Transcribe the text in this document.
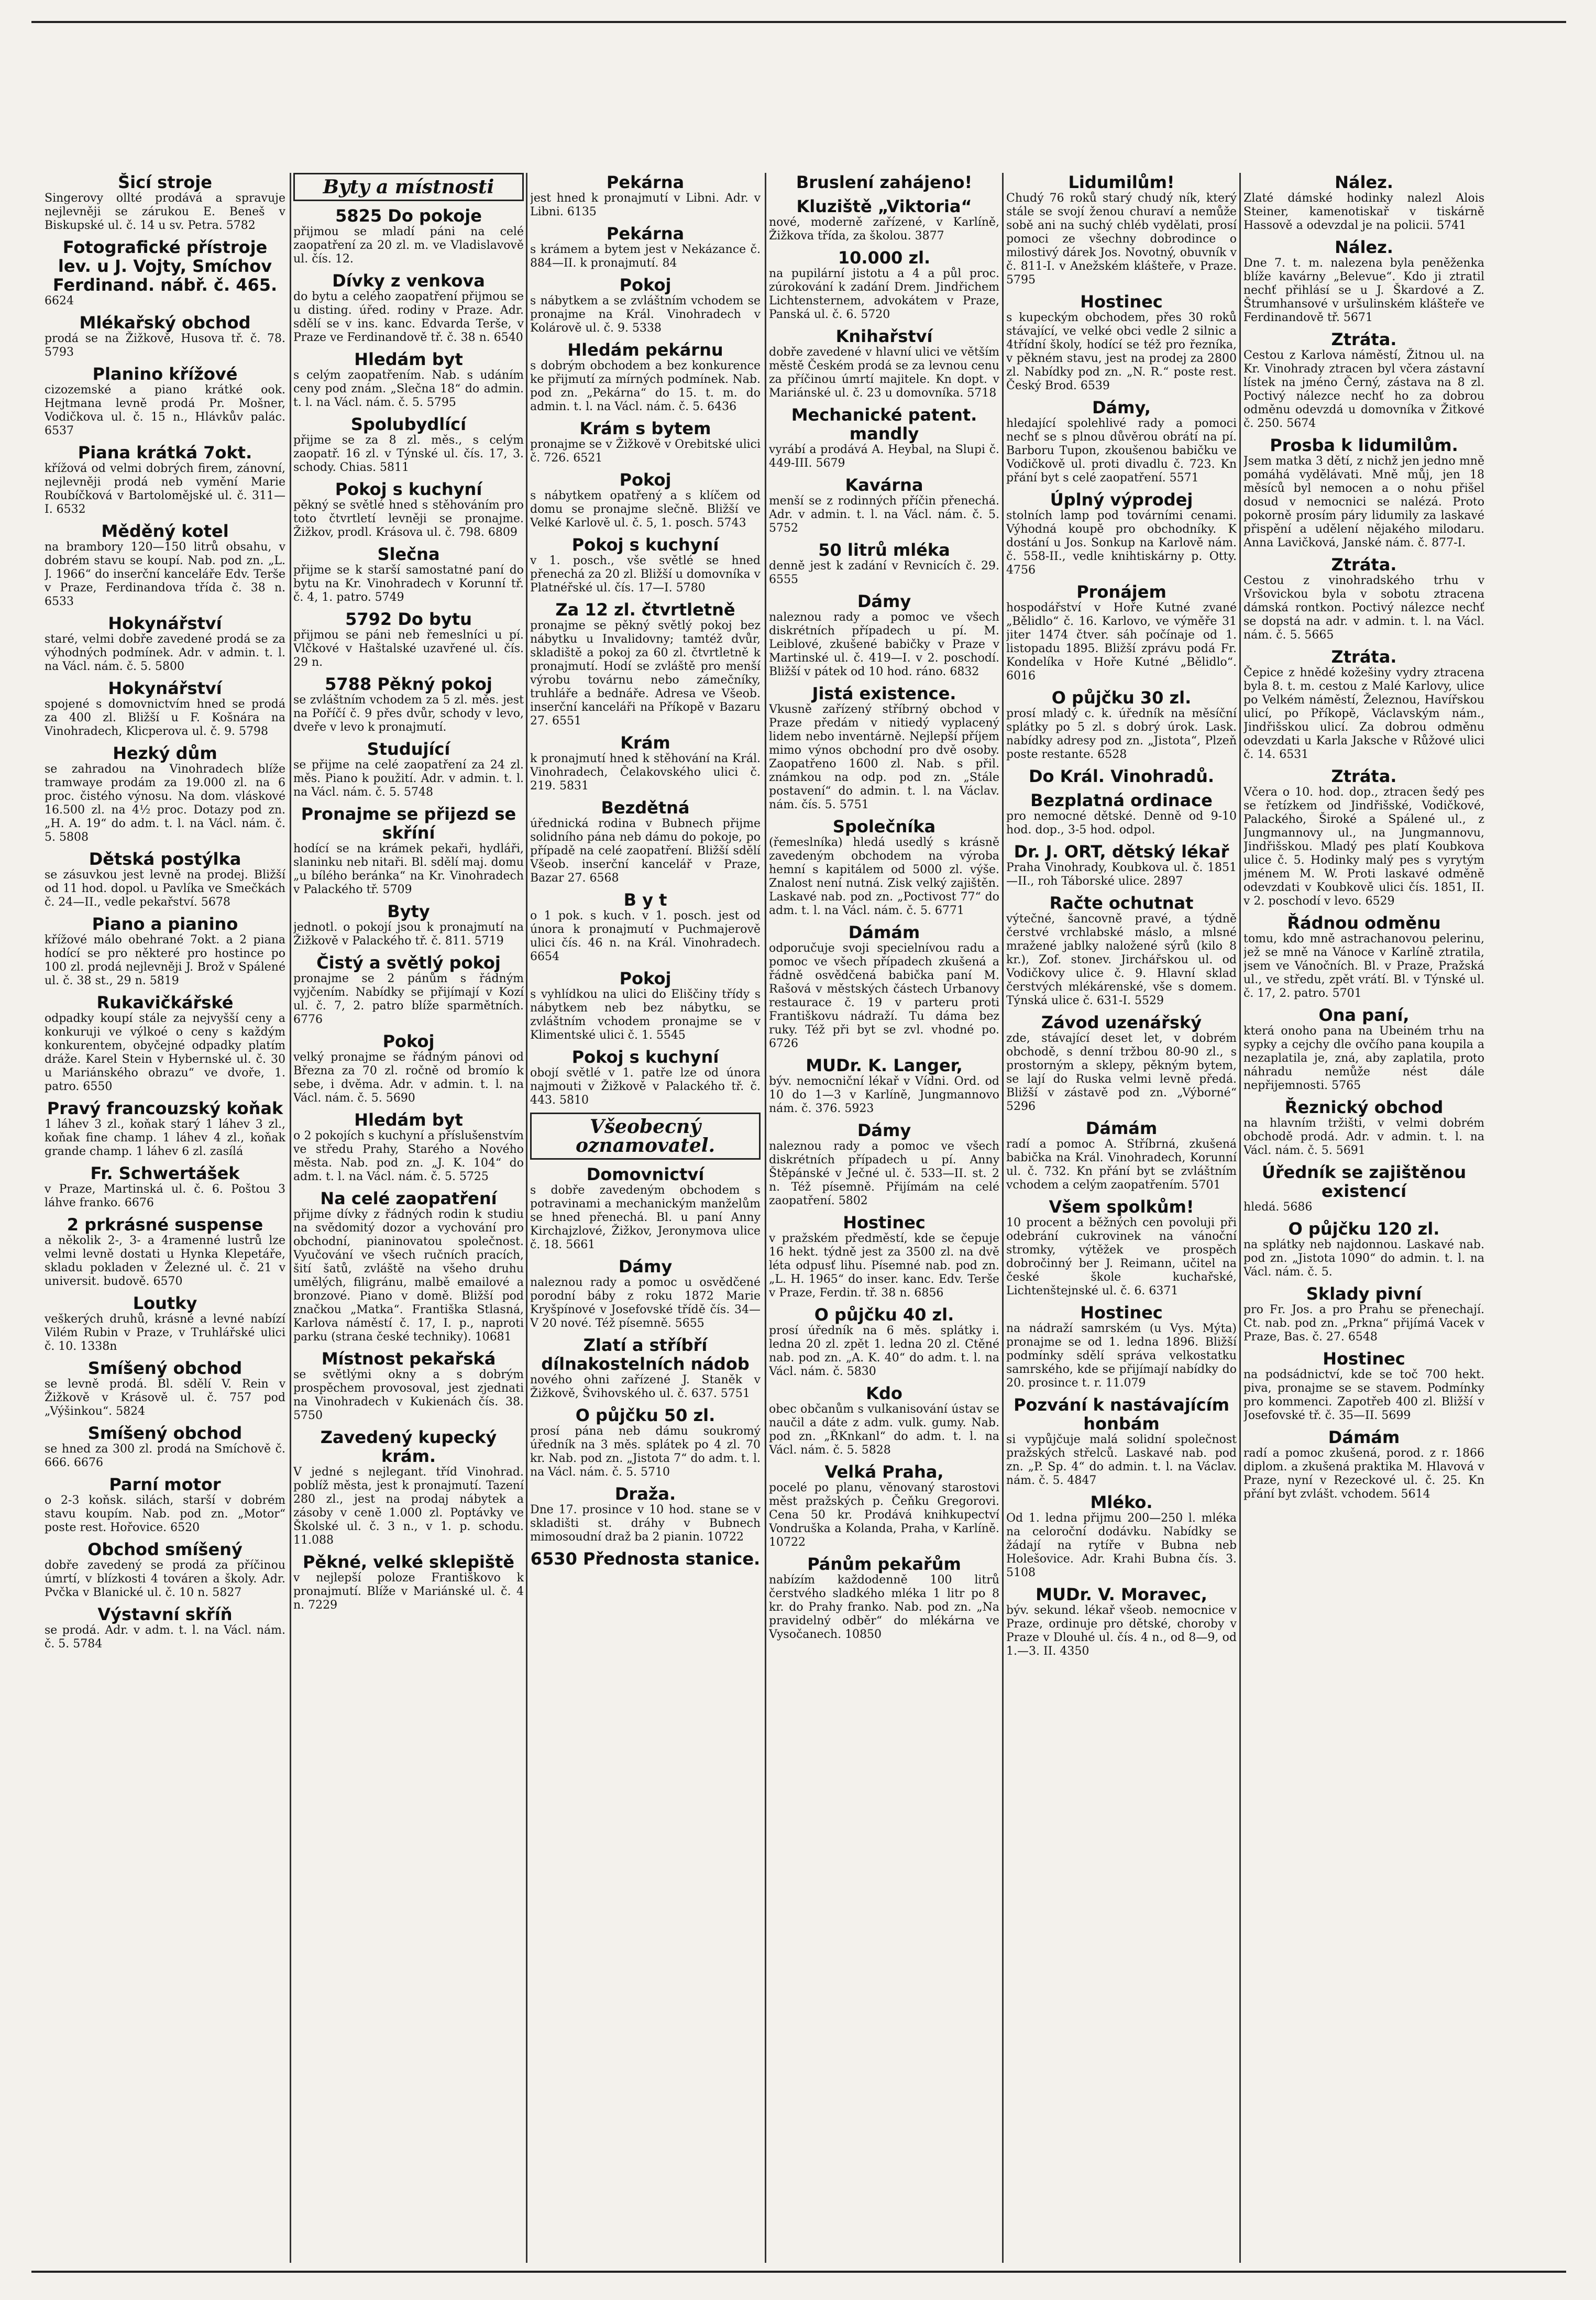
Šicí stroje
Singerovy ollté prodává a spravuje nejlevněji se zárukou E. Beneš v Biskupské ul. č. 14 u sv. Petra. 5782
Fotografické přístroje lev. u J. Vojty, Smíchov Ferdinand. nábř. č. 465.
6624
Mlékařský obchod
prodá se na Žižkově, Husova tř. č. 78. 5793
Planino křížové
cizozemské a piano krátké ook. Hejtmana levně prodá Pr. Mošner, Vodičkova ul. č. 15 n., Hlávkův palác. 6537
Piana krátká 7okt.
křížová od velmi dobrých firem, zánovní, nejlevněji prodá neb vymění Marie Roubíčková v Bartolomějské ul. č. 311—I. 6532
Měděný kotel
na brambory 120—150 litrů obsahu, v dobrém stavu se koupí. Nab. pod zn. „L. J. 1966“ do inserční kanceláře Edv. Terše v Praze, Ferdinandova třída č. 38 n. 6533
Hokynářství
staré, velmi dobře zavedené prodá se za výhodných podmínek. Adr. v admin. t. l. na Václ. nám. č. 5. 5800
Hokynářství
spojené s domovnictvím hned se prodá za 400 zl. Bližší u F. Košnára na Vinohradech, Klicperova ul. č. 9. 5798
Hezký dům
se zahradou na Vinohradech blíže tramwaye prodám za 19.000 zl. na 6 proc. čistého výnosu. Na dom. vláskové 16.500 zl. na 4½ proc. Dotazy pod zn. „H. A. 19“ do adm. t. l. na Václ. nám. č. 5. 5808
Dětská postýlka
se zásuvkou jest levně na prodej. Bližší od 11 hod. dopol. u Pavlíka ve Smečkách č. 24—II., vedle pekařství. 5678
Piano a pianino
křížové málo obehrané 7okt. a 2 piana hodící se pro některé pro hostince po 100 zl. prodá nejlevněji J. Brož v Spálené ul. č. 38 st., 29 n. 5819
Rukavičkářské
odpadky koupí stále za nejvyšší ceny a konkuruji ve výlkoé o ceny s každým konkurentem, obyčejné odpadky platím dráže. Karel Stein v Hybernské ul. č. 30 u Mariánského obrazu“ ve dvoře, 1. patro. 6550
Pravý francouzský koňak
1 láhev 3 zl., koňak starý 1 láhev 3 zl., koňak fine champ. 1 láhev 4 zl., koňak grande champ. 1 láhev 6 zl. zasílá
Fr. Schwertášek
v Praze, Martinská ul. č. 6. Poštou 3 láhve franko. 6676
2 prkrásné suspense
a několik 2-, 3- a 4ramenné lustrů lze velmi levně dostati u Hynka Klepetáře, skladu pokladen v Železné ul. č. 21 v universit. budově. 6570
Loutky
veškerých druhů, krásné a levné nabízí Vilém Rubin v Praze, v Truhlářské ulici č. 10. 1338n
Smíšený obchod
se levně prodá. Bl. sdělí V. Rein v Žižkově v Krásově ul. č. 757 pod „Výšinkou“. 5824
Smíšený obchod
se hned za 300 zl. prodá na Smíchově č. 666. 6676
Parní motor
o 2-3 koňsk. silách, starší v dobrém stavu koupím. Nab. pod zn. „Motor“ poste rest. Hořovice. 6520
Obchod smíšený
dobře zavedený se prodá za příčinou úmrtí, v blízkosti 4 továren a školy. Adr. Pvčka v Blanické ul. č. 10 n. 5827
Výstavní skříň
se prodá. Adr. v adm. t. l. na Václ. nám. č. 5. 5784
Byty a místnosti
5825 Do pokoje
přijmou se mladí páni na celé zaopatření za 20 zl. m. ve Vladislavově ul. čís. 12.
Dívky z venkova
do bytu a celého zaopatření přijmou se u disting. úřed. rodiny v Praze. Adr. sdělí se v ins. kanc. Edvarda Terše, v Praze ve Ferdinandově tř. č. 38 n. 6540
Hledám byt
s celým zaopatřením. Nab. s udáním ceny pod znám. „Slečna 18“ do admin. t. l. na Václ. nám. č. 5. 5795
Spolubydlící
přijme se za 8 zl. měs., s celým zaopatř. 16 zl. v Týnské ul. čís. 17, 3. schody. Chias. 5811
Pokoj s kuchyní
pěkný se světlé hned s stěhováním pro toto čtvrtletí levněji se pronajme. Žižkov, prodl. Krásova ul. č. 798. 6809
Slečna
přijme se k starší samostatné paní do bytu na Kr. Vinohradech v Korunní tř. č. 4, 1. patro. 5749
5792 Do bytu
přijmou se páni neb řemeslníci u pí. Vlčkové v Haštalské uzavřené ul. čís. 29 n.
5788 Pěkný pokoj
se zvláštním vchodem za 5 zl. měs. jest na Poříčí č. 9 přes dvůr, schody v levo, dveře v levo k pronajmutí.
Studující
se přijme na celé zaopatření za 24 zl. měs. Piano k použití. Adr. v admin. t. l. na Václ. nám. č. 5. 5748
Pronajme se přijezd se skříní
hodící se na krámek pekaři, hydláři, slaninku neb nitaři. Bl. sdělí maj. domu „u bílého beránka“ na Kr. Vinohradech v Palackého tř. 5709
Byty
jednotl. o pokojí jsou k pronajmutí na Žižkově v Palackého tř. č. 811. 5719
Čistý a světlý pokoj
pronajme se 2 pánům s řádným vyjčením. Nabídky se přijímají v Kozí ul. č. 7, 2. patro blíže sparmětních. 6776
Pokoj
velký pronajme se řádným pánovi od Března za 70 zl. ročně od bromío k sebe, i dvěma. Adr. v admin. t. l. na Václ. nám. č. 5. 5690
Hledám byt
o 2 pokojích s kuchyní a příslušenstvím ve středu Prahy, Starého a Nového města. Nab. pod zn. „J. K. 104“ do adm. t. l. na Václ. nám. č. 5. 5725
Na celé zaopatření
přijme dívky z řádných rodin k studiu na svědomitý dozor a vychování pro obchodní, pianinovatou společnost. Vyučování ve všech ručních pracích, šití šatů, zvláště na všeho druhu umělých, filigránu, malbě emailové a bronzové. Piano v domě. Bližší pod značkou „Matka“. Františka Stlasná, Karlova náměstí č. 17, I. p., naproti parku (strana české techniky). 10681
Místnost pekařská
se světlými okny a s dobrým prospěchem provosoval, jest zjednati na Vinohradech v Kukienách čís. 38. 5750
Zavedený kupecký krám.
V jedné s nejlegant. tříd Vinohrad. poblíž města, jest k pronajmutí. Tazení 280 zl., jest na prodaj nábytek a zásoby v ceně 1.000 zl. Poptávky ve Školské ul. č. 3 n., v 1. p. schodu. 11.088
Pěkné, velké sklepiště
v nejlepší poloze Františkovo k pronajmutí. Blíže v Mariánské ul. č. 4 n. 7229
Pekárna
jest hned k pronajmutí v Libni. Adr. v Libni. 6135
Pekárna
s krámem a bytem jest v Nekázance č. 884—II. k pronajmutí. 84
Pokoj
s nábytkem a se zvláštním vchodem se pronajme na Král. Vinohradech v Kolárově ul. č. 9. 5338
Hledám pekárnu
s dobrým obchodem a bez konkurence ke přijmutí za mírných podmínek. Nab. pod zn. „Pekárna“ do 15. t. m. do admin. t. l. na Václ. nám. č. 5. 6436
Krám s bytem
pronajme se v Žižkově v Orebitské ulici č. 726. 6521
Pokoj
s nábytkem opatřený a s klíčem od domu se pronajme slečně. Bližší ve Velké Karlově ul. č. 5, 1. posch. 5743
Pokoj s kuchyní
v 1. posch., vše světlé se hned přenechá za 20 zl. Bližší u domovníka v Platnéřské ul. čís. 17—I. 5780
Za 12 zl. čtvrtletně
pronajme se pěkný světlý pokoj bez nábytku u Invalidovny; tamtéž dvůr, skladiště a pokoj za 60 zl. čtvrtletně k pronajmutí. Hodí se zvláště pro menší výrobu továrnu nebo zámečníky, truhláře a bednáře. Adresa ve Všeob. inserční kanceláři na Příkopě v Bazaru 27. 6551
Krám
k pronajmutí hned k stěhování na Král. Vinohradech, Čelakovského ulici č. 219. 5831
Bezdětná
úřednická rodina v Bubnech přijme solidního pána neb dámu do pokoje, po případě na celé zaopatření. Bližší sdělí Všeob. inserční kancelář v Praze, Bazar 27. 6568
B y t
o 1 pok. s kuch. v 1. posch. jest od února k pronajmutí v Puchmajerově ulici čís. 46 n. na Král. Vinohradech. 6654
Pokoj
s vyhlídkou na ulici do Eliščiny třídy s nábytkem neb bez nábytku, se zvláštním vchodem pronajme se v Klimentské ulici č. 1. 5545
Pokoj s kuchyní
obojí světlé v 1. patře lze od února najmouti v Žižkově v Palackého tř. č. 443. 5810
Všeobecný oznamovatel.
Domovnictví
s dobře zavedeným obchodem s potravinami a mechanickým manželům se hned přenechá. Bl. u paní Anny Kirchajzlové, Žižkov, Jeronymova ulice č. 18. 5661
Dámy
naleznou rady a pomoc u osvědčené porodní báby z roku 1872 Marie Kryšpínové v Josefovské třídě čís. 34—V 20 nové. Též písemně. 5655
Zlatí a stříbří dílnakostelních nádob
nového ohni zařízené J. Staněk v Žižkově, Švihovského ul. č. 637. 5751
O půjčku 50 zl.
prosí pána neb dámu soukromý úředník na 3 měs. splátek po 4 zl. 70 kr. Nab. pod zn. „Jistota 7“ do adm. t. l. na Václ. nám. č. 5. 5710
Draža.
Dne 17. prosince v 10 hod. stane se v skladišti st. dráhy v Bubnech mimosoudní draž ba 2 pianin. 10722
6530 Přednosta stanice.
Bruslení zahájeno!
Kluziště „Viktoria“
nové, moderně zařízené, v Karlíně, Žižkova třída, za školou. 3877
10.000 zl.
na pupilární jistotu a 4 a půl proc. zúrokování k zadání Drem. Jindřichem Lichtensternem, advokátem v Praze, Panská ul. č. 6. 5720
Knihařství
dobře zavedené v hlavní ulici ve větším městě Českém prodá se za levnou cenu za příčinou úmrtí majitele. Kn dopt. v Mariánské ul. č. 23 u domovníka. 5718
Mechanické patent. mandly
vyrábí a prodává A. Heybal, na Slupi č. 449-III. 5679
Kavárna
menší se z rodinných příčin přenechá. Adr. v admin. t. l. na Václ. nám. č. 5. 5752
50 litrů mléka
denně jest k zadání v Revnicích č. 29. 6555
Dámy
naleznou rady a pomoc ve všech diskrétních případech u pí. M. Leiblové, zkušené babičky v Praze v Martinské ul. č. 419—I. v 2. poschodí. Bližší v pátek od 10 hod. ráno. 6832
Jistá existence.
Vkusně zařízený stříbrný obchod v Praze předám v nitiedý vyplacený lidem nebo inventárně. Nejlepší příjem mimo výnos obchodní pro dvě osoby. Zaopatřeno 1600 zl. Nab. s přil. známkou na odp. pod zn. „Stále postavení“ do admin. t. l. na Václav. nám. čís. 5. 5751
Společníka
(řemeslníka) hledá usedlý s krásně zavedeným obchodem na výroba hemní s kapitálem od 5000 zl. výše. Znalost není nutná. Zisk velký zajištěn. Laskavé nab. pod zn. „Poctivost 77“ do adm. t. l. na Václ. nám. č. 5. 6771
Dámám
odporučuje svoji specielnívou radu a pomoc ve všech případech zkušená a řádně osvědčená babička paní M. Rašová v městských částech Urbanovy restaurace č. 19 v parteru proti Františkovu nádraží. Tu dáma bez ruky. Též při byt se zvl. vhodné po. 6726
MUDr. K. Langer,
býv. nemocniční lékař v Vídni. Ord. od 10 do 1—3 v Karlíně, Jungmannovo nám. č. 376. 5923
Dámy
naleznou rady a pomoc ve všech diskrétních případech u pí. Anny Štěpánské v Ječné ul. č. 533—II. st. 2 n. Též písemně. Přijímám na celé zaopatření. 5802
Hostinec
v pražském předměstí, kde se čepuje 16 hekt. týdně jest za 3500 zl. na dvě léta odpusť lihu. Písemné nab. pod zn. „L. H. 1965“ do inser. kanc. Edv. Terše v Praze, Ferdin. tř. 38 n. 6856
O půjčku 40 zl.
prosí úředník na 6 měs. splátky i. ledna 20 zl. zpět 1. ledna 20 zl. Ctěné nab. pod zn. „A. K. 40“ do adm. t. l. na Václ. nám. č. 5830
Kdo
obec občanům s vulkanisování ústav se naučil a dáte z adm. vulk. gumy. Nab. pod zn. „ŘKnkanl“ do adm. t. l. na Václ. nám. č. 5. 5828
Velká Praha,
pocelé po planu, věnovaný starostovi měst pražských p. Čeňku Gregorovi. Cena 50 kr. Prodává knihkupectví Vondruška a Kolanda, Praha, v Karlíně. 10722
Pánům pekařům
nabízím každodenně 100 litrů čerstvého sladkého mléka 1 litr po 8 kr. do Prahy franko. Nab. pod zn. „Na pravidelný odběr“ do mlékárna ve Vysočanech. 10850
Lidumilům!
Chudý 76 roků starý chudý ník, který stále se svojí ženou churaví a nemůže sobě ani na suchý chléb vydělati, prosí pomoci ze všechny dobrodince o milostivý dárek Jos. Novotný, obuvník v č. 811-I. v Anežském klášteře, v Praze. 5795
Hostinec
s kupeckým obchodem, přes 30 roků stávající, ve velké obci vedle 2 silnic a 4třídní školy, hodící se též pro řezníka, v pěkném stavu, jest na prodej za 2800 zl. Nabídky pod zn. „N. R.“ poste rest. Český Brod. 6539
Dámy,
hledající spolehlivé rady a pomoci nechť se s plnou důvěrou obrátí na pí. Barboru Tupon, zkoušenou babičku ve Vodičkově ul. proti divadlu č. 723. Kn přání byt s celé zaopatření. 5571
Úplný výprodej
stolních lamp pod továrními cenami. Výhodná koupě pro obchodníky. K dostání u Jos. Sonkup na Karlově nám. č. 558-II., vedle knihtiskárny p. Otty. 4756
Pronájem
hospodářství v Hoře Kutné zvané „Bělidlo“ č. 16. Karlovo, ve výměře 31 jiter 1474 čtver. sáh počínaje od 1. listopadu 1895. Bližší zprávu podá Fr. Kondelíka v Hoře Kutné „Bělidlo“. 6016
O půjčku 30 zl.
prosí mladý c. k. úředník na měsíční splátky po 5 zl. s dobrý úrok. Lask. nabídky adresy pod zn. „Jistota“, Plzeň poste restante. 6528
Do Král. Vinohradů.
Bezplatná ordinace
pro nemocné dětské. Denně od 9-10 hod. dop., 3-5 hod. odpol.
Dr. J. ORT, dětský lékař
Praha Vinohrady, Koubkova ul. č. 1851—II., roh Táborské ulice. 2897
Račte ochutnat
výtečné, šancovně pravé, a týdně čerstvé vrchlabské máslo, a mlsné mražené jablky naložené sýrů (kilo 8 kr.), Zof. stonev. Jirchářskou ul. od Vodičkovy ulice č. 9. Hlavní sklad čerstvých mlékárenské, vše s domem. Týnská ulice č. 631-I. 5529
Závod uzenářský
zde, stávající deset let, v dobrém obchodě, s denní tržbou 80-90 zl., s prostorným a sklepy, pěkným bytem, se lají do Ruska velmi levně předá. Bližší v zástavě pod zn. „Výborné“ 5296
Dámám
radí a pomoc A. Stříbrná, zkušená babička na Král. Vinohradech, Korunní ul. č. 732. Kn přání byt se zvláštním vchodem a celým zaopatřením. 5701
Všem spolkům!
10 procent a běžných cen povoluji při odebrání cukrovinek na vánoční stromky, výtěžek ve prospěch dobročinný ber J. Reimann, učitel na české škole kuchařské, Lichtenštejnské ul. č. 6. 6371
Hostinec
na nádraží samrském (u Vys. Mýta) pronajme se od 1. ledna 1896. Bližší podmínky sdělí správa velkostatku samrského, kde se přijímají nabídky do 20. prosince t. r. 11.079
Pozvání k nastávajícím honbám
si vypůjčuje malá solidní společnost pražských střelců. Laskavé nab. pod zn. „P. Sp. 4“ do admin. t. l. na Václav. nám. č. 5. 4847
Mléko.
Od 1. ledna přijmu 200—250 l. mléka na celoroční dodávku. Nabídky se žádají na rytíře v Bubna neb Holešovice. Adr. Krahi Bubna čís. 3. 5108
MUDr. V. Moravec,
býv. sekund. lékař všeob. nemocnice v Praze, ordinuje pro dětské, choroby v Praze v Dlouhé ul. čís. 4 n., od 8—9, od 1.—3. II. 4350
Nález.
Zlaté dámské hodinky nalezl Alois Steiner, kamenotiskař v tiskárně Hassově a odevzdal je na policii. 5741
Nález.
Dne 7. t. m. nalezena byla peněženka blíže kavárny „Belevue“. Kdo ji ztratil nechť přihlásí se u J. Škardové a Z. Štrumhansové v uršulinském klášteře ve Ferdinandově tř. 5671
Ztráta.
Cestou z Karlova náměstí, Žitnou ul. na Kr. Vinohrady ztracen byl včera zástavní lístek na jméno Černý, zástava na 8 zl. Poctivý nálezce nechť ho za dobrou odměnu odevzdá u domovníka v Žitkové č. 250. 5674
Prosba k lidumilům.
Jsem matka 3 dětí, z nichž jen jedno mně pomáhá vydělávati. Mně můj, jen 18 měsíců byl nemocen a o nohu přišel dosud v nemocnici se nalézá. Proto pokorně prosím páry lidumily za laskavé přispění a udělení nějakého milodaru. Anna Lavičková, Janské nám. č. 877-I.
Ztráta.
Cestou z vinohradského trhu v Vršovickou byla v sobotu ztracena dámská rontkon. Poctivý nálezce nechť se dopstá na adr. v admin. t. l. na Václ. nám. č. 5. 5665
Ztráta.
Čepice z hnědé kožešiny vydry ztracena byla 8. t. m. cestou z Malé Karlovy, ulice po Velkém náměstí, Železnou, Havířskou ulicí, po Příkopě, Václavským nám., Jindřišskou ulicí. Za dobrou odměnu odevzdati u Karla Jaksche v Růžové ulici č. 14. 6531
Ztráta.
Včera o 10. hod. dop., ztracen šedý pes se řetízkem od Jindřišské, Vodičkové, Palackého, Široké a Spálené ul., z Jungmannovy ul., na Jungmannovu, Jindřišskou. Mladý pes platí Koubkova ulice č. 5. Hodinky malý pes s vyrytým jménem M. W. Proti laskavé odměně odevzdati v Koubkově ulici čís. 1851, II. v 2. poschodí v levo. 6529
Řádnou odměnu
tomu, kdo mně astrachanovou pelerinu, jež se mně na Vánoce v Karlíně ztratila, jsem ve Vánočních. Bl. v Praze, Pražská ul., ve středu, zpět vrátí. Bl. v Týnské ul. č. 17, 2. patro. 5701
Ona paní,
která onoho pana na Ubeiném trhu na sypky a cejchy dle ovčího pana koupila a nezaplatila je, zná, aby zaplatila, proto náhradu nemůže nést dále nepřijemnosti. 5765
Řeznický obchod
na hlavním tržišti, v velmi dobrém obchodě prodá. Adr. v admin. t. l. na Václ. nám. č. 5. 5691
Úředník se zajištěnou existencí
hledá. 5686
O půjčku 120 zl.
na splátky neb najdonnou. Laskavé nab. pod zn. „Jistota 1090“ do admin. t. l. na Václ. nám. č. 5.
Sklady pivní
pro Fr. Jos. a pro Prahu se přenechají. Ct. nab. pod zn. „Prkna“ přijímá Vacek v Praze, Bas. č. 27. 6548
Hostinec
na podsádnictví, kde se toč 700 hekt. piva, pronajme se se stavem. Podmínky pro kommenci. Zapotřeb 400 zl. Bližší v Josefovské tř. č. 35—II. 5699
Dámám
radí a pomoc zkušená, porod. z r. 1866 diplom. a zkušená praktika M. Hlavová v Praze, nyní v Rezeckové ul. č. 25. Kn přání byt zvlášt. vchodem. 5614
